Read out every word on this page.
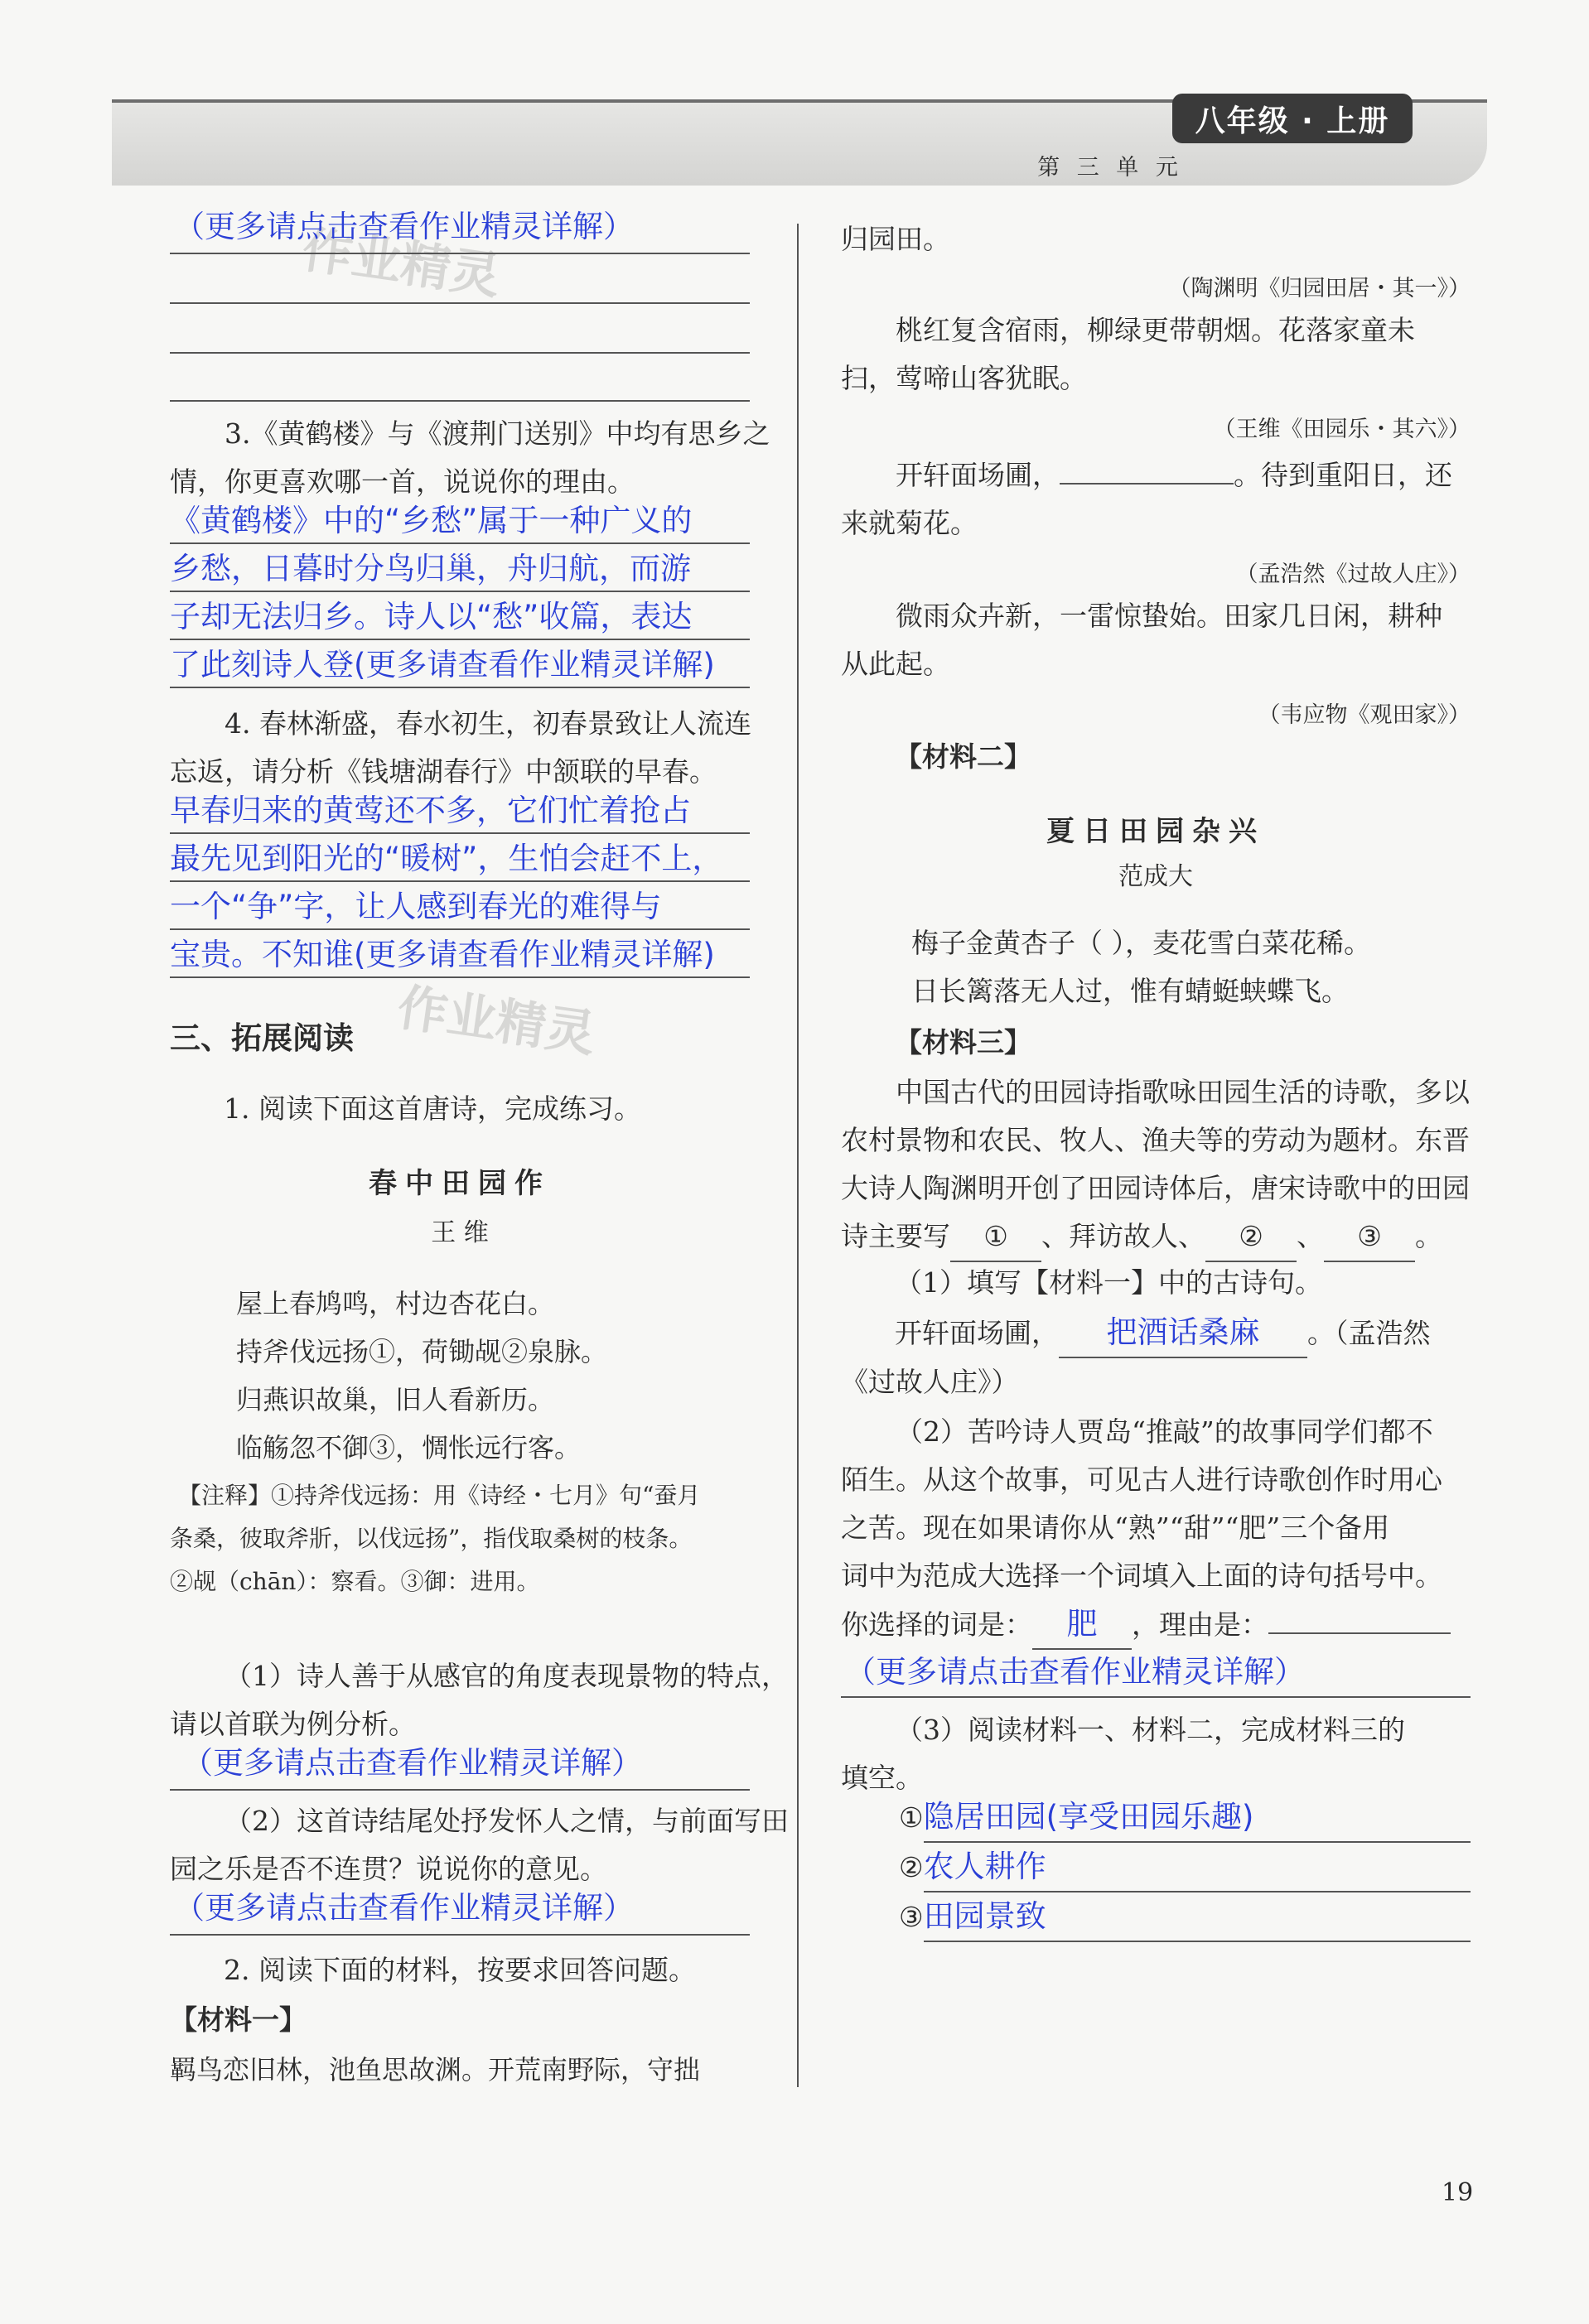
八年级 · 上册
第 三 单 元
作业精灵
作业精灵
（更多请点击查看作业精灵详解）
3.《黄鹤楼》与《渡荆门送别》中均有思乡之
情，你更喜欢哪一首，说说你的理由。
《黄鹤楼》中的“乡愁”属于一种广义的
乡愁，日暮时分鸟归巢，舟归航，而游
子却无法归乡。诗人以“愁”收篇，表达
了此刻诗人登(更多请查看作业精灵详解)
4. 春林渐盛，春水初生，初春景致让人流连
忘返，请分析《钱塘湖春行》中颔联的早春。
早春归来的黄莺还不多，它们忙着抢占
最先见到阳光的“暖树”，生怕会赶不上，
一个“争”字，让人感到春光的难得与
宝贵。不知谁(更多请查看作业精灵详解)
三、拓展阅读
1. 阅读下面这首唐诗，完成练习。
春中田园作
王 维
屋上春鸠鸣，村边杏花白。
持斧伐远扬①，荷锄觇②泉脉。
归燕识故巢，旧人看新历。
临觞忽不御③，惆怅远行客。
【注释】①持斧伐远扬：用《诗经・七月》句“蚕月
条桑，彼取斧斨，以伐远扬”，指伐取桑树的枝条。
②觇（chān）：察看。③御：进用。
（1）诗人善于从感官的角度表现景物的特点，
请以首联为例分析。
（更多请点击查看作业精灵详解）
（2）这首诗结尾处抒发怀人之情，与前面写田
园之乐是否不连贯？说说你的意见。
（更多请点击查看作业精灵详解）
2. 阅读下面的材料，按要求回答问题。
【材料一】
羁鸟恋旧林，池鱼思故渊。开荒南野际，守拙
归园田。
（陶渊明《归园田居・其一》）
桃红复含宿雨，柳绿更带朝烟。花落家童未
扫，莺啼山客犹眠。
（王维《田园乐・其六》）
开轩面场圃，	。待到重阳日，还
来就菊花。
（孟浩然《过故人庄》）
微雨众卉新，一雷惊蛰始。田家几日闲，耕种
从此起。
（韦应物《观田家》）
【材料二】
夏日田园杂兴
范成大
梅子金黄杏子（ ），麦花雪白菜花稀。
日长篱落无人过，惟有蜻蜓蛱蝶飞。
【材料三】
中国古代的田园诗指歌咏田园生活的诗歌，多以
农村景物和农民、牧人、渔夫等的劳动为题材。东晋
大诗人陶渊明开创了田园诗体后，唐宋诗歌中的田园
诗主要写 ① 、拜访故人、 ② 、 ③ 。
（1）填写【材料一】中的古诗句。
开轩面场圃， 把酒话桑麻 。（孟浩然
《过故人庄》）
（2）苦吟诗人贾岛“推敲”的故事同学们都不
陌生。从这个故事，可见古人进行诗歌创作时用心
之苦。现在如果请你从“熟”“甜”“肥”三个备用
词中为范成大选择一个词填入上面的诗句括号中。
你选择的词是： 肥 ，理由是：
（更多请点击查看作业精灵详解）
（3）阅读材料一、材料二，完成材料三的
填空。
①隐居田园(享受田园乐趣)
②农人耕作
③田园景致
19
